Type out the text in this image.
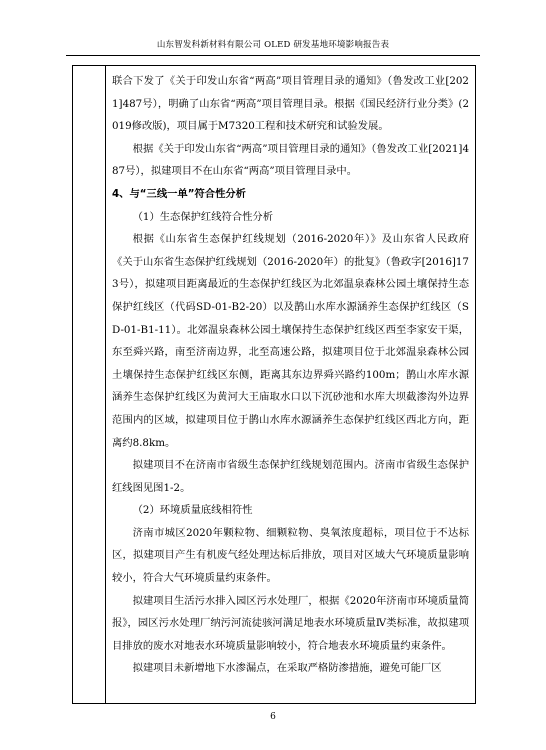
山东智发科新材料有限公司 OLED 研发基地环境影响报告表

联合下发了《关于印发山东省“两高”项目管理目录的通知》（鲁发改工业[2021]487号），明确了山东省“两高”项目管理目录。根据《国民经济行业分类》(2019修改版)，项目属于M7320工程和技术研究和试验发展。

根据《关于印发山东省“两高”项目管理目录的通知》（鲁发改工业[2021]487号），拟建项目不在山东省“两高”项目管理目录中。

4、与“三线一单”符合性分析

（1）生态保护红线符合性分析

根据《山东省生态保护红线规划（2016-2020年）》及山东省人民政府《关于山东省生态保护红线规划（2016-2020年）的批复》（鲁政字[2016]173号），拟建项目距离最近的生态保护红线区为北郊温泉森林公园土壤保持生态保护红线区（代码SD-01-B2-20）以及鹊山水库水源涵养生态保护红线区（SD-01-B1-11）。北郊温泉森林公园土壤保持生态保护红线区西至李家安干渠，东至舜兴路，南至济南边界，北至高速公路，拟建项目位于北郊温泉森林公园土壤保持生态保护红线区东侧，距离其东边界舜兴路约100m；鹊山水库水源涵养生态保护红线区为黄河大王庙取水口以下沉砂池和水库大坝截渗沟外边界范围内的区域，拟建项目位于鹊山水库水源涵养生态保护红线区西北方向，距离约8.8km。

拟建项目不在济南市省级生态保护红线规划范围内。济南市省级生态保护红线图见图1-2。

（2）环境质量底线相符性

济南市城区2020年颗粒物、细颗粒物、臭氧浓度超标，项目位于不达标区，拟建项目产生有机废气经处理达标后排放，项目对区域大气环境质量影响较小，符合大气环境质量约束条件。

拟建项目生活污水排入园区污水处理厂，根据《2020年济南市环境质量简报》，园区污水处理厂纳污河流徒骇河满足地表水环境质量Ⅳ类标准，故拟建项目排放的废水对地表水环境质量影响较小，符合地表水环境质量约束条件。

拟建项目未新增地下水渗漏点，在采取严格防渗措施，避免可能厂区

6
